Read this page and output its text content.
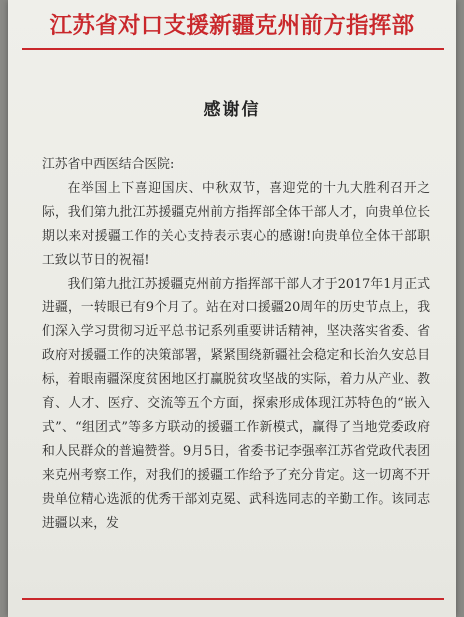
江苏省对口支援新疆克州前方指挥部
感谢信

江苏省中西医结合医院:

在举国上下喜迎国庆、中秋双节，喜迎党的十九大胜利召开之际，我们第九批江苏援疆克州前方指挥部全体干部人才，向贵单位长期以来对援疆工作的关心支持表示衷心的感谢!向贵单位全体干部职工致以节日的祝福!

我们第九批江苏援疆克州前方指挥部干部人才于2017年1月正式进疆，一转眼已有9个月了。站在对口援疆20周年的历史节点上，我们深入学习贯彻习近平总书记系列重要讲话精神，坚决落实省委、省政府对援疆工作的决策部署，紧紧围绕新疆社会稳定和长治久安总目标，着眼南疆深度贫困地区打赢脱贫攻坚战的实际，着力从产业、教育、人才、医疗、交流等五个方面，探索形成体现江苏特色的“嵌入式”、“组团式”等多方联动的援疆工作新模式，赢得了当地党委政府和人民群众的普遍赞誉。9月5日，省委书记李强率江苏省党政代表团来克州考察工作，对我们的援疆工作给予了充分肯定。这一切离不开贵单位精心选派的优秀干部刘克冕、武科选同志的辛勤工作。该同志进疆以来，发
